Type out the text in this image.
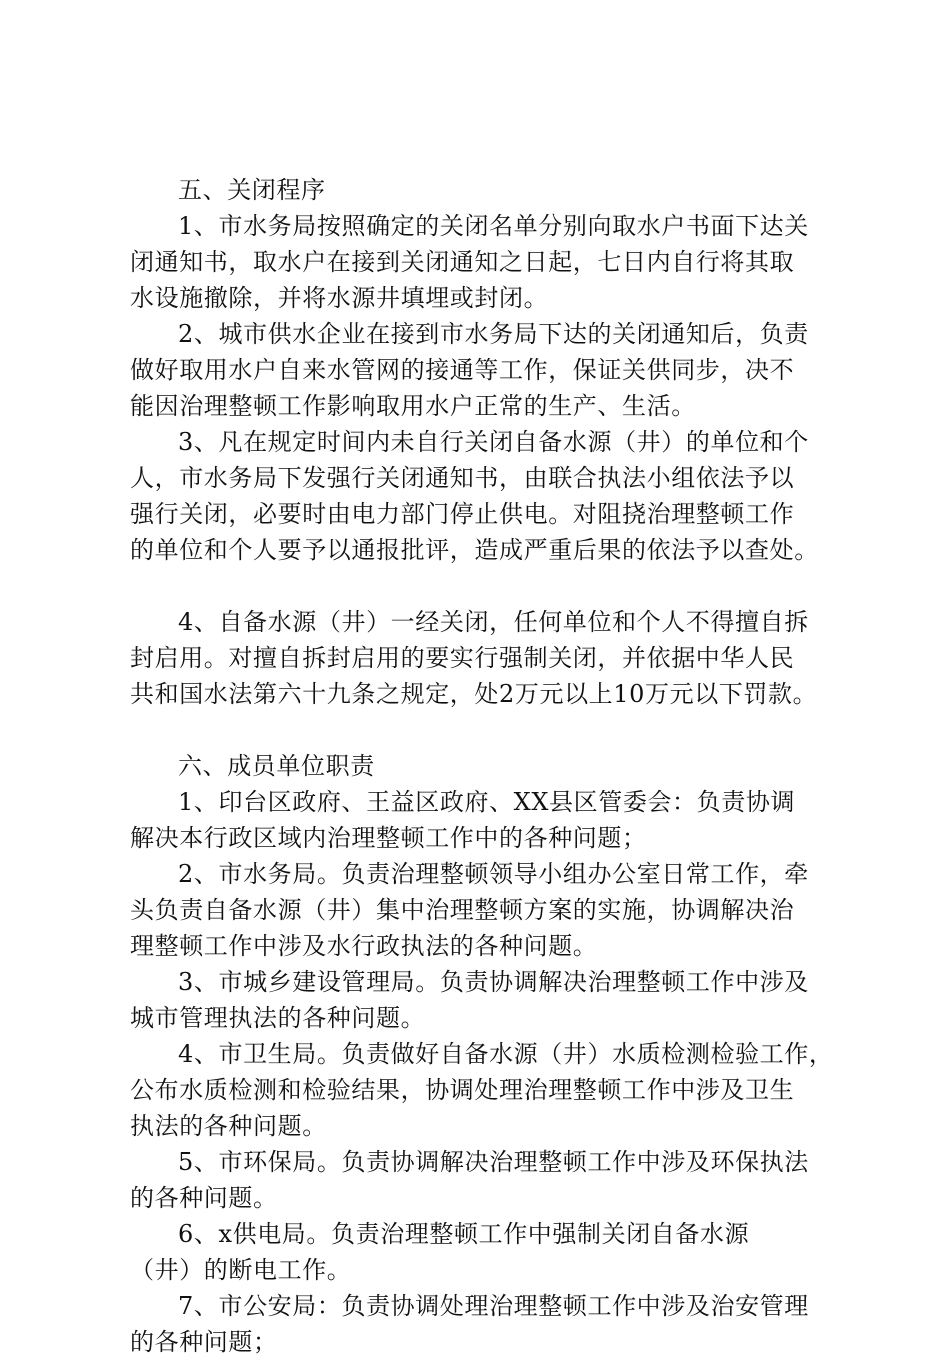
五、关闭程序
1、市水务局按照确定的关闭名单分别向取水户书面下达关
闭通知书，取水户在接到关闭通知之日起，七日内自行将其取
水设施撤除，并将水源井填埋或封闭。
2、城市供水企业在接到市水务局下达的关闭通知后，负责
做好取用水户自来水管网的接通等工作，保证关供同步，决不
能因治理整顿工作影响取用水户正常的生产、生活。
3、凡在规定时间内未自行关闭自备水源（井）的单位和个
人，市水务局下发强行关闭通知书，由联合执法小组依法予以
强行关闭，必要时由电力部门停止供电。对阻挠治理整顿工作
的单位和个人要予以通报批评，造成严重后果的依法予以查处。
4、自备水源（井）一经关闭，任何单位和个人不得擅自拆
封启用。对擅自拆封启用的要实行强制关闭，并依据中华人民
共和国水法第六十九条之规定，处2万元以上10万元以下罚款。
六、成员单位职责
1、印台区政府、王益区政府、XX县区管委会：负责协调
解决本行政区域内治理整顿工作中的各种问题；
2、市水务局。负责治理整顿领导小组办公室日常工作，牵
头负责自备水源（井）集中治理整顿方案的实施，协调解决治
理整顿工作中涉及水行政执法的各种问题。
3、市城乡建设管理局。负责协调解决治理整顿工作中涉及
城市管理执法的各种问题。
4、市卫生局。负责做好自备水源（井）水质检测检验工作，
公布水质检测和检验结果，协调处理治理整顿工作中涉及卫生
执法的各种问题。
5、市环保局。负责协调解决治理整顿工作中涉及环保执法
的各种问题。
6、x供电局。负责治理整顿工作中强制关闭自备水源
（井）的断电工作。
7、市公安局：负责协调处理治理整顿工作中涉及治安管理
的各种问题；
